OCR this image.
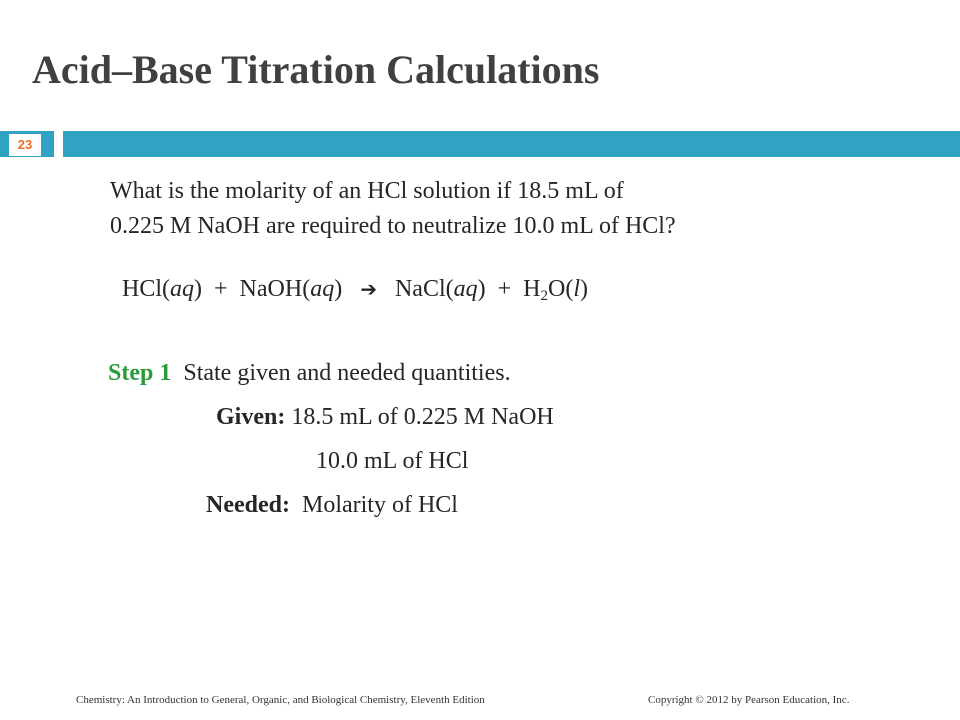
Acid–Base Titration Calculations
23
What is the molarity of an HCl solution if 18.5 mL of
0.225 M NaOH are required to neutralize 10.0 mL of HCl?
HCl(aq)  +  NaOH(aq) ➔ NaCl(aq)  +  $H_2O(l)$
Step 1 State given and needed quantities.
Given: 18.5 mL of 0.225 M NaOH
10.0 mL of HCl
Needed: Molarity of HCl
Chemistry: An Introduction to General, Organic, and Biological Chemistry, Eleventh Edition	Copyright © 2012 by Pearson Education, Inc.
